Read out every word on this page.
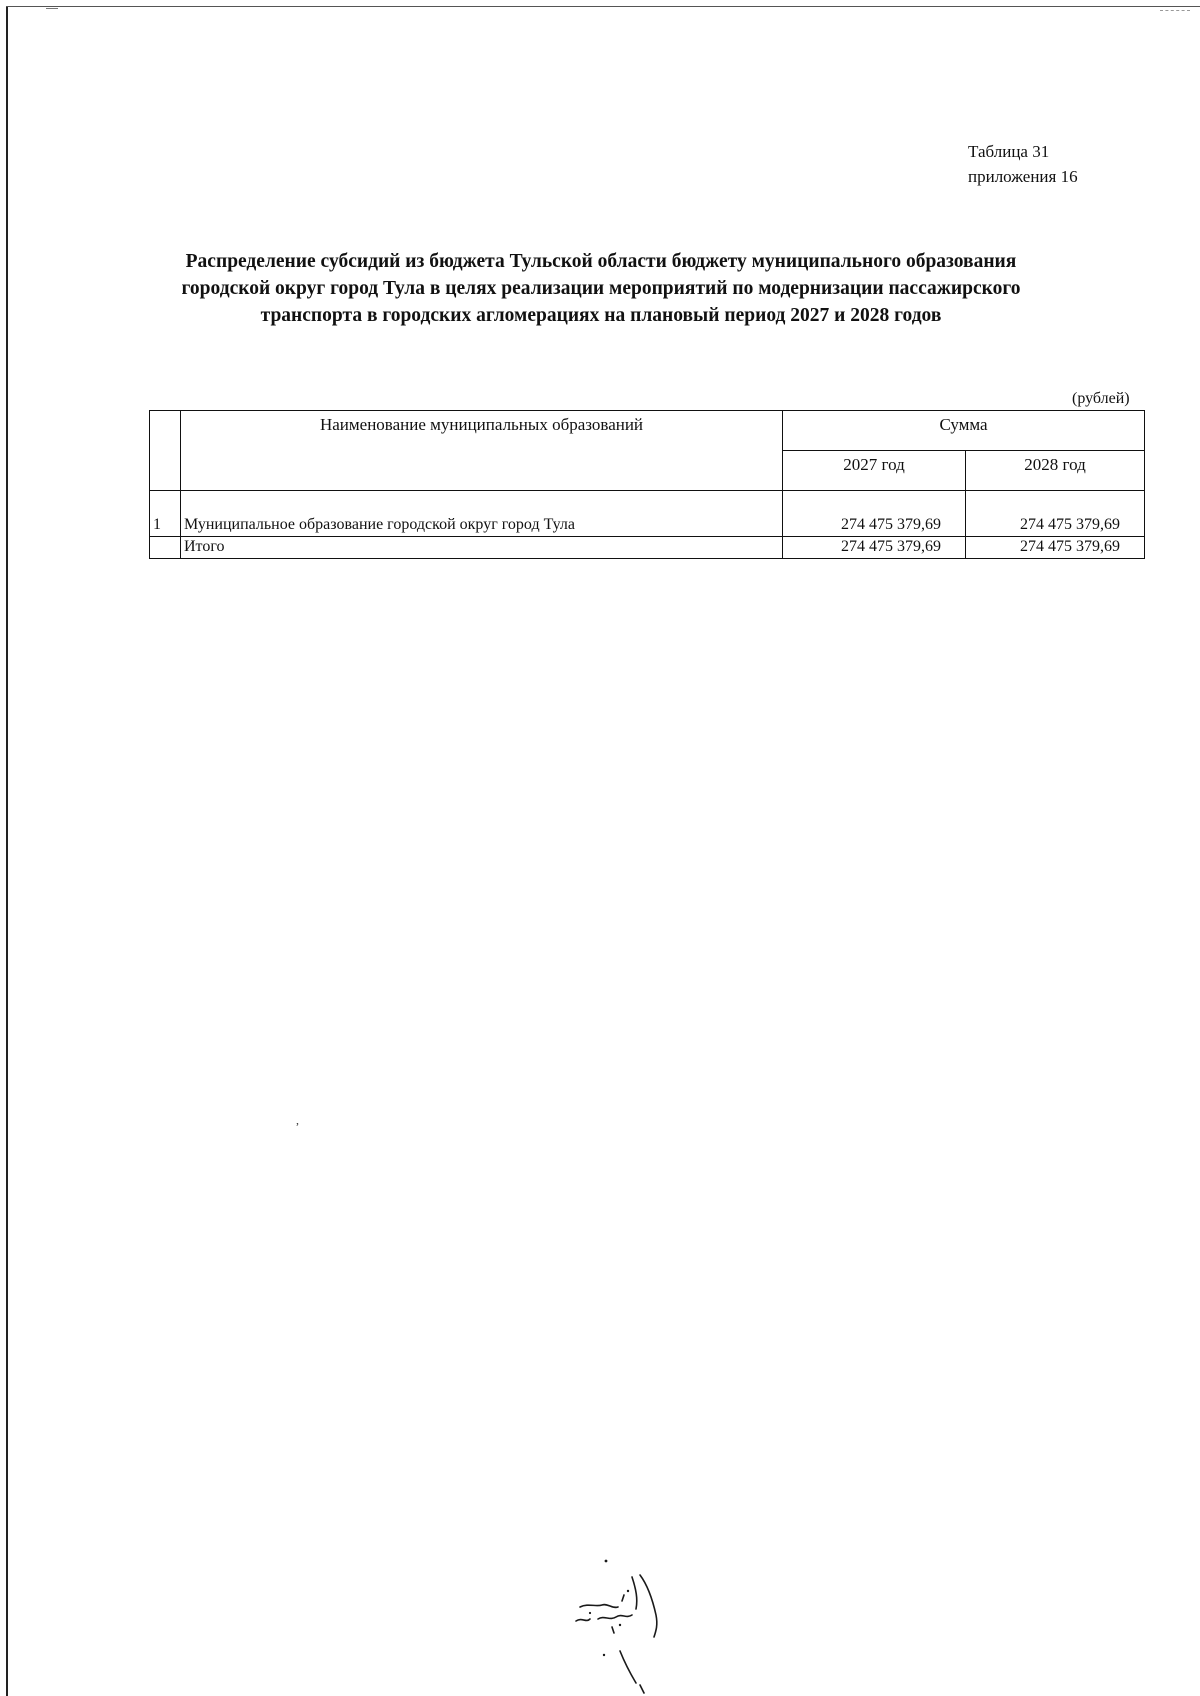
Таблица 31
приложения 16
Распределение субсидий из бюджета Тульской области бюджету муниципального образования
городской округ город Тула в целях реализации мероприятий по модернизации пассажирского
транспорта в городских агломерациях на плановый период 2027 и 2028 годов
(рублей)

	Наименование муниципальных образований	Сумма	

		2027 год	2028 год

1	Муниципальное образование городской округ город Тула	274 475 379,69	274 475 379,69

	Итого	274 475 379,69	274 475 379,69
,
